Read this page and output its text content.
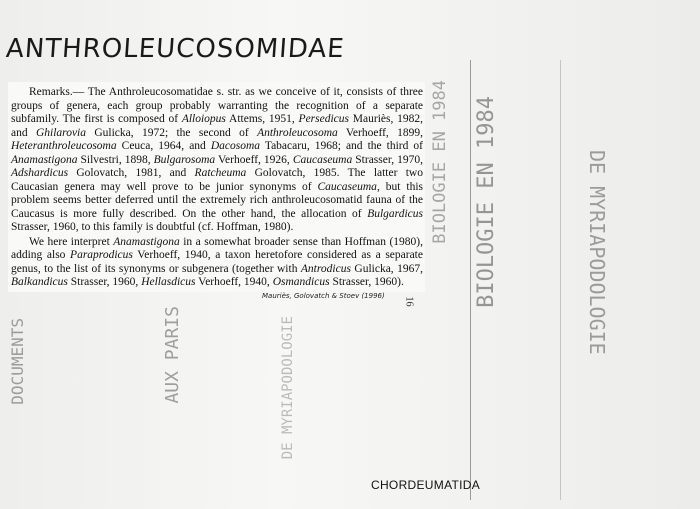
BIOLOGIE EN 1984
BIOLOGIE EN 1984	DE MYRIAPODOLOGIE
AUX PARIS
DOCUMENTS	DE MYRIAPODOLOGIE
ANTHROLEUCOSOMIDAE

Remarks.— The Anthroleucosomatidae s. str. as we conceive of it, consists of three groups of genera, each group probably warranting the recognition of a separate subfamily. The first is composed of Alloiopus Attems, 1951, Persedicus Mauriès, 1982, and Ghilarovia Gulicka, 1972; the second of Anthroleucosoma Verhoeff, 1899, Heteranthroleucosoma Ceuca, 1964, and Dacosoma Tabacaru, 1968; and the third of Anamastigona Silvestri, 1898, Bulgarosoma Verhoeff, 1926, Caucaseuma Strasser, 1970, Adshardicus Golovatch, 1981, and Ratcheuma Golovatch, 1985. The latter two Caucasian genera may well prove to be junior synonyms of Caucaseuma, but this problem seems better deferred until the extremely rich anthroleucosomatid fauna of the Caucasus is more fully described. On the other hand, the allocation of Bulgardicus Strasser, 1960, to this family is doubtful (cf. Hoffman, 1980).

We here interpret Anamastigona in a somewhat broader sense than Hoffman (1980), adding also Paraprodicus Verhoeff, 1940, a taxon heretofore considered as a separate genus, to the list of its synonyms or subgenera (together with Antrodicus Gulicka, 1967, Balkandicus Strasser, 1960, Hellasdicus Verhoeff, 1940, Osmandicus Strasser, 1960).

Mauriès, Golovatch & Stoev (1996)
16
CHORDEUMATIDA
